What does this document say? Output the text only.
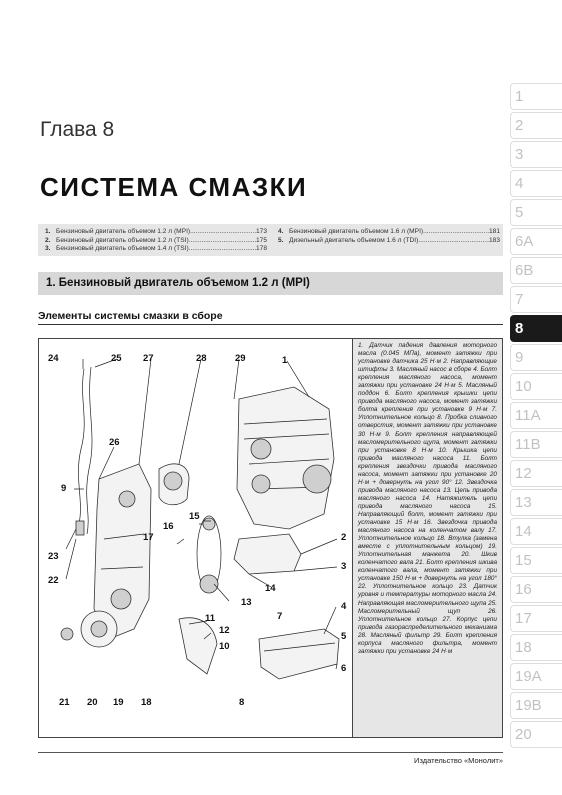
Глава 8
СИСТЕМА СМАЗКИ
1. Бензиновый двигатель объемом 1.2 л (MPI) .....	173
2. Бензиновый двигатель объемом 1.2 л (TSI) .....	175
3. Бензиновый двигатель объемом 1.4 л (TSI) .....	178
4. Бензиновый двигатель объемом 1.6 л (MPI) .....	181
5. Дизельный двигатель объемом 1.6 л (TDI) .....	183
1. Бензиновый двигатель объемом 1.2 л (MPI)
Элементы системы смазки в сборе
24	25 27	28	29	1
26
9
16
15
17
23
22
2
3
14
13	4
11
12
10
7
5
6
21 20 19 18	8
1. Датчик падения давления моторного масла (0.045 МПа), момент затяжки при установке датчика 25 Н·м 2. Направляющие штифты 3. Масляный насос в сборе 4. Болт крепления масляного насоса, момент затяжки при установке 24 Н·м 5. Масляный поддон 6. Болт крепления крышки цепи привода масляного насоса, момент затяжки болта крепления при установке 9 Н·м 7. Уплотнительное кольцо 8. Пробка сливного отверстия, момент затяжки при установке 30 Н·м 9. Болт крепления направляющей масломерительного щупа, момент затяжки при установке 8 Н·м 10. Крышка цепи привода масляного насоса 11. Болт крепления звездочки привода масляного насоса, момент затяжки при установке 20 Н·м + довернуть на угол 90° 12. Звездочка привода масляного насоса 13. Цепь привода масляного насоса 14. Натяжитель цепи привода масляного насоса 15. Направляющий болт, момент затяжки при установке 15 Н·м 16. Звездочка привода масляного насоса на коленчатом валу 17. Уплотнительное кольцо 18. Втулка (замена вместе с уплотнительным кольцом) 19. Уплотнительная манжета 20. Шкив коленчатого вала 21. Болт крепления шкива коленчатого вала, момент затяжки при установке 150 Н·м + довернуть на угол 180° 22. Уплотнительное кольцо 23. Датчик уровня и температуры моторного масла 24. Направляющая масломерительного щупа 25. Масломерительный щуп 26. Уплотнительное кольцо 27. Корпус цепи привода газораспределительного механизма 28. Масляный фильтр 29. Болт крепления корпуса масляного фильтра, момент затяжки при установке 24 Н·м
Издательство «Монолит»
1
2
3
4
5
6A
6B
7
8
9
10
11A
11B
12
13
14
15
16
17
18
19A
19B
20
